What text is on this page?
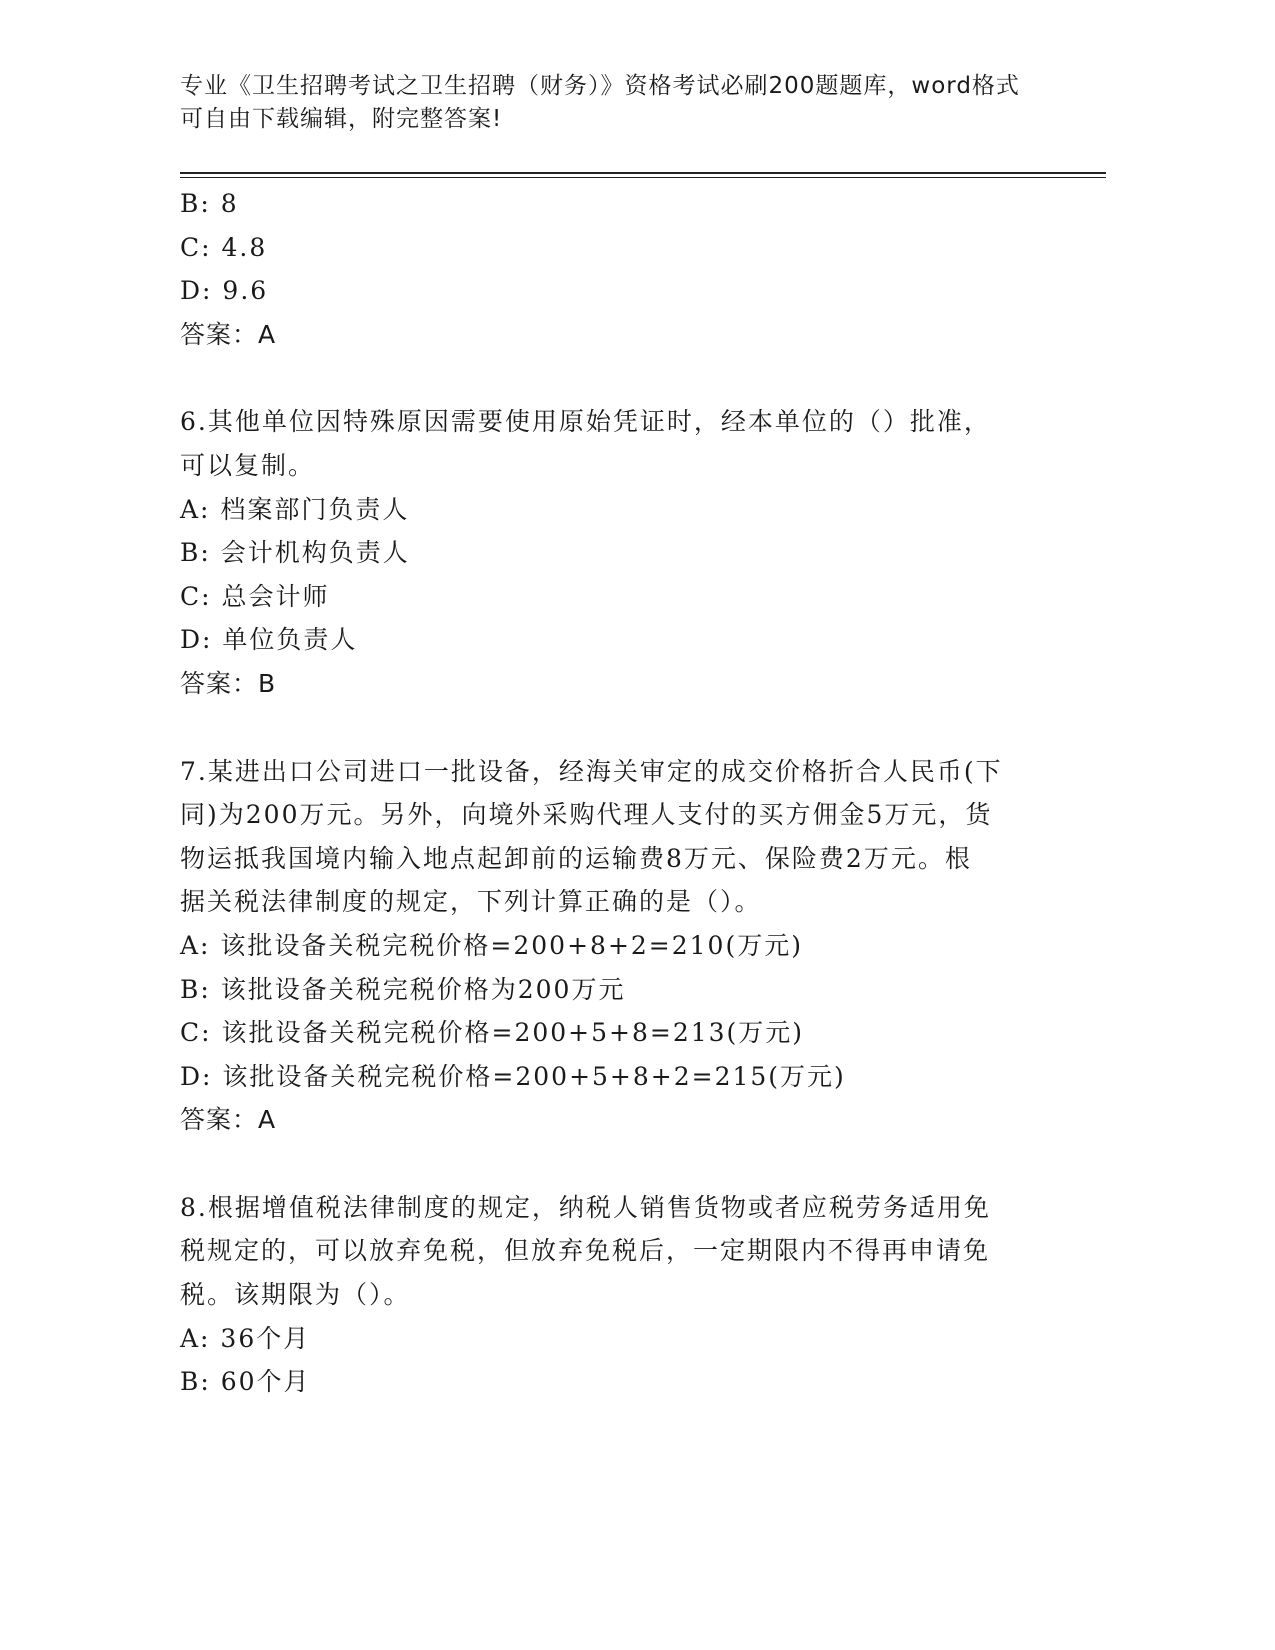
专业《卫生招聘考试之卫生招聘（财务）》资格考试必刷200题题库，word格式
可自由下载编辑，附完整答案!
B: 8
C: 4.8
D: 9.6
答案：A
6.其他单位因特殊原因需要使用原始凭证时，经本单位的（）批准，
可以复制。
A: 档案部门负责人
B: 会计机构负责人
C: 总会计师
D: 单位负责人
答案：B
7.某进出口公司进口一批设备，经海关审定的成交价格折合人民币(下
同)为200万元。另外，向境外采购代理人支付的买方佣金5万元，货
物运抵我国境内输入地点起卸前的运输费8万元、保险费2万元。根
据关税法律制度的规定，下列计算正确的是（）。
A: 该批设备关税完税价格=200+8+2=210(万元)
B: 该批设备关税完税价格为200万元
C: 该批设备关税完税价格=200+5+8=213(万元)
D: 该批设备关税完税价格=200+5+8+2=215(万元)
答案：A
8.根据增值税法律制度的规定，纳税人销售货物或者应税劳务适用免
税规定的，可以放弃免税，但放弃免税后，一定期限内不得再申请免
税。该期限为（）。
A: 36个月
B: 60个月
